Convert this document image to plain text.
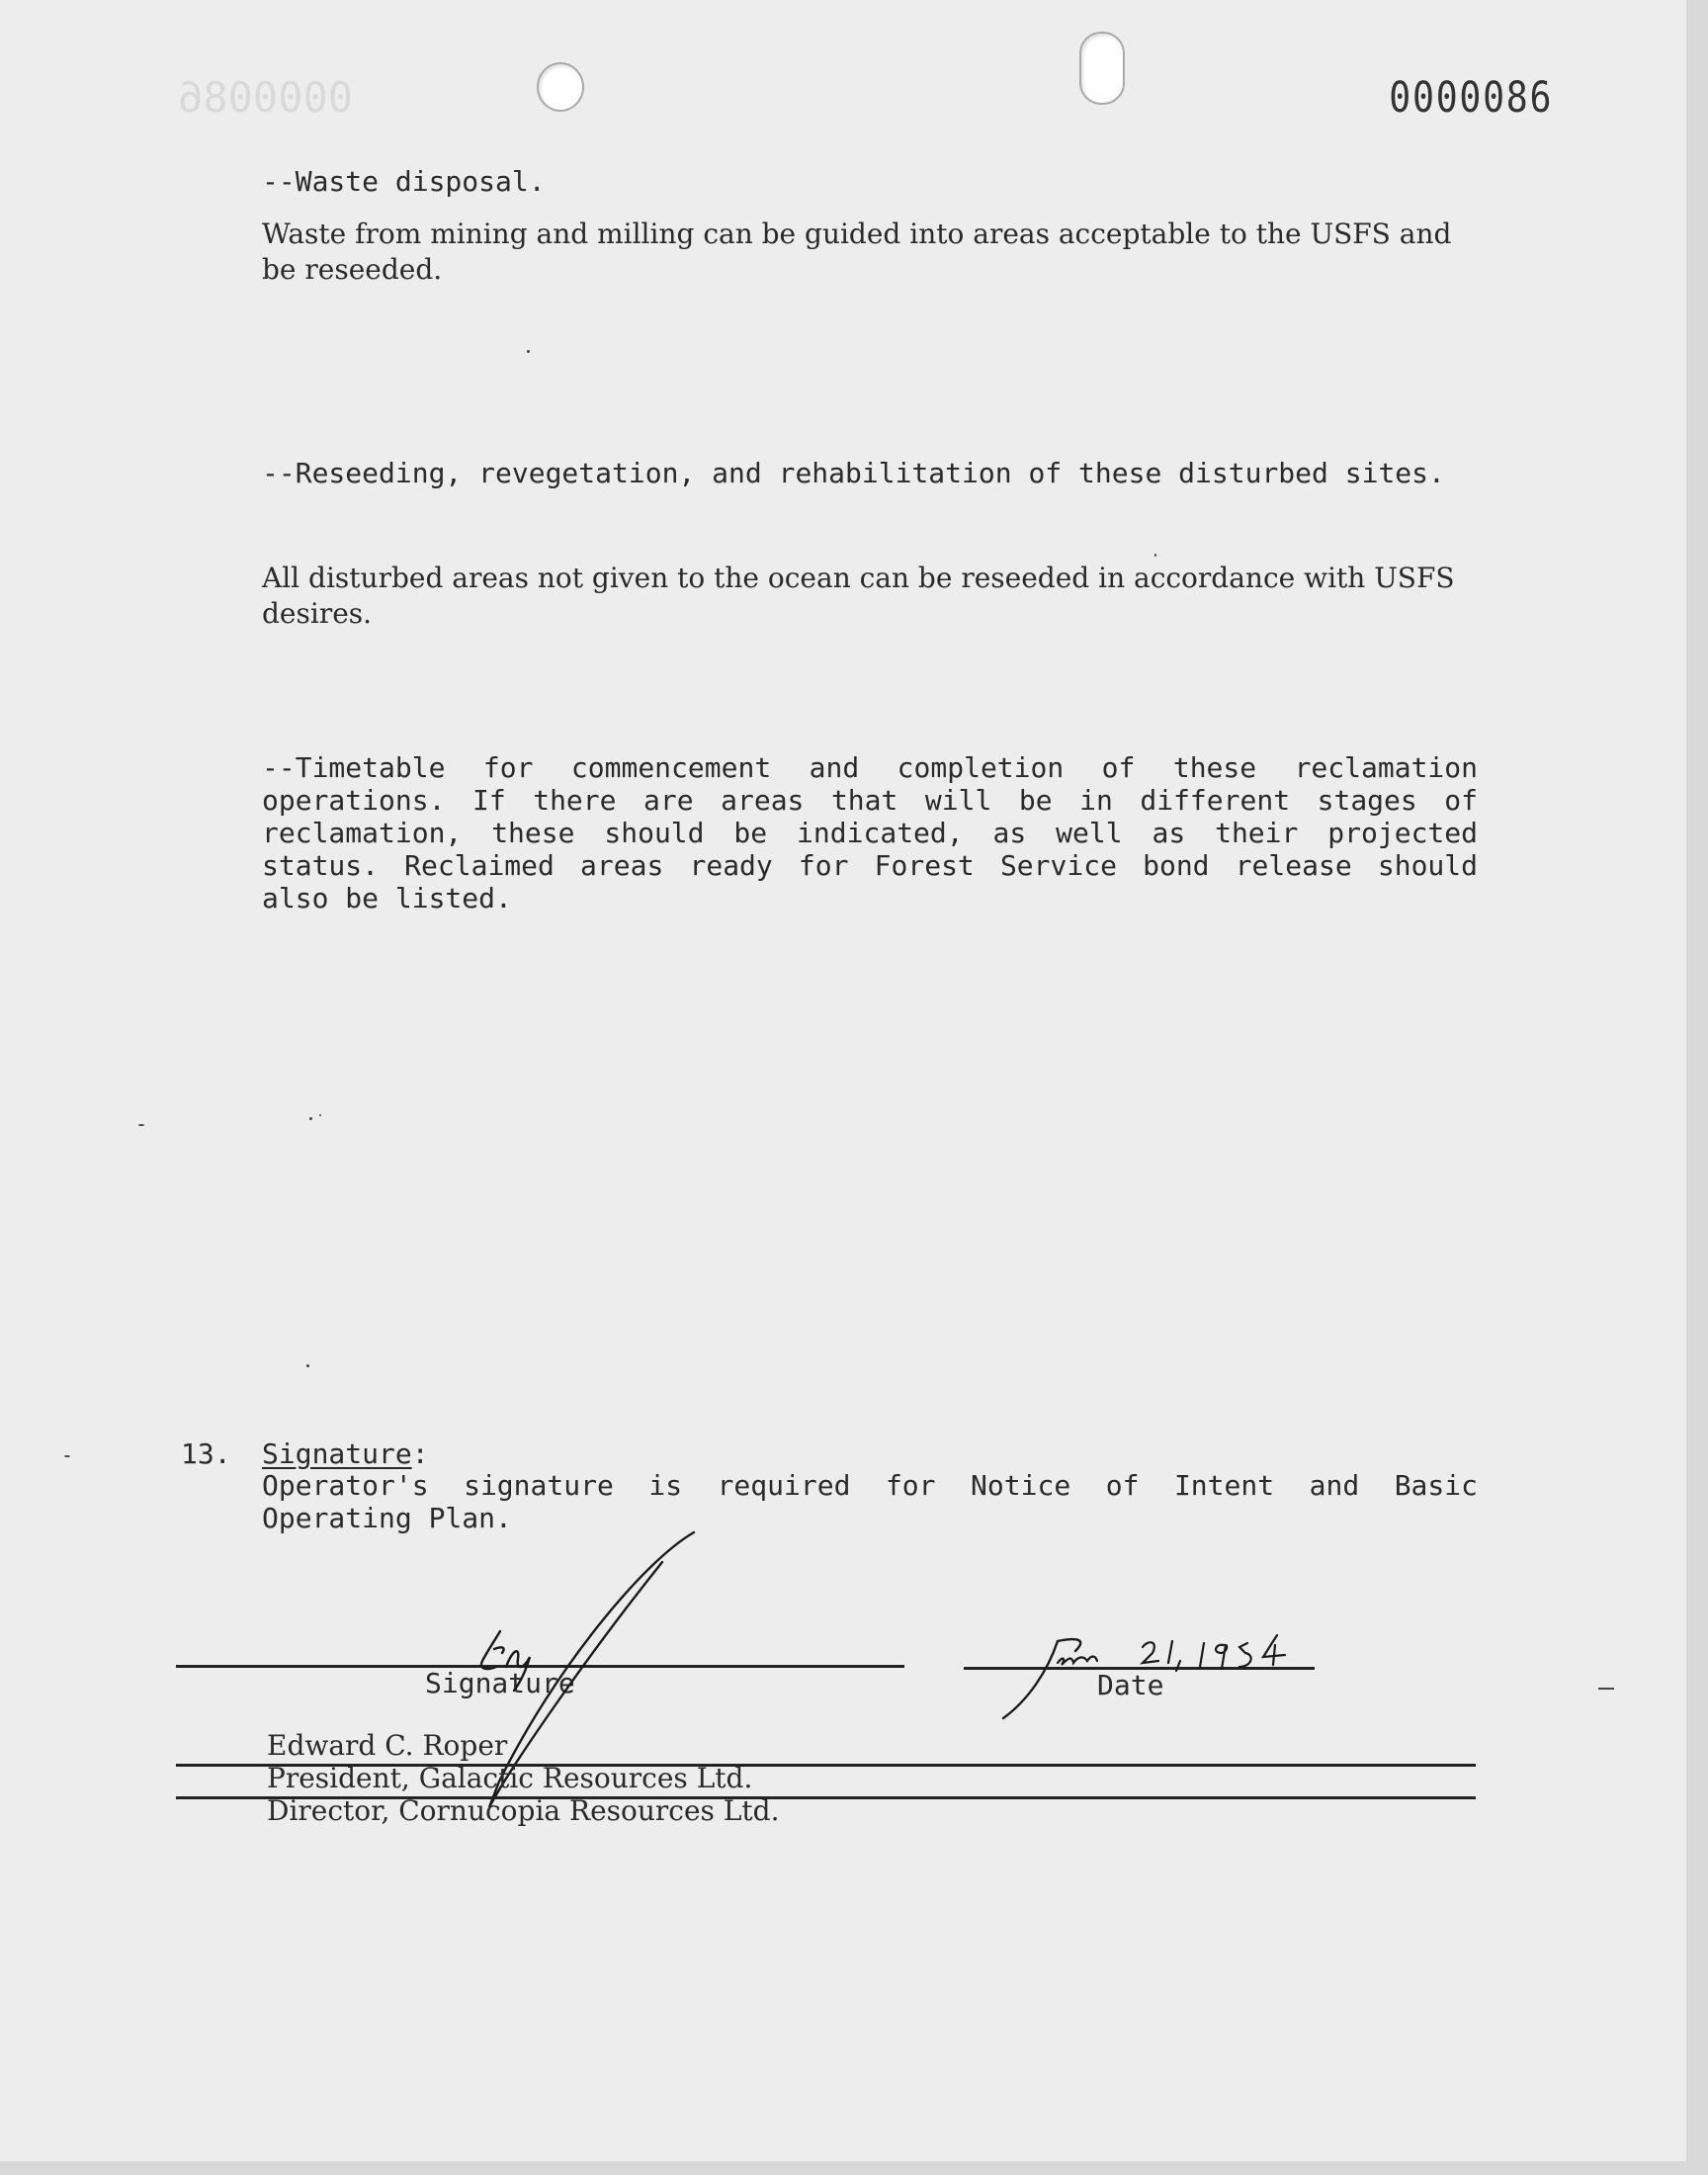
0000086	0000086

--Waste disposal.

Waste from mining and milling can be guided into areas acceptable to the USFS and be reseeded.

--Reseeding, revegetation, and rehabilitation of these disturbed sites.

All disturbed areas not given to the ocean can be reseeded in accordance with USFS desires.

--Timetable for commencement and completion of these reclamation operations. If there are areas that will be in different stages of reclamation, these should be indicated, as well as their projected status. Reclaimed areas ready for Forest Service bond release should also be listed.

13. Signature:

Operator's signature is required for Notice of Intent and Basic Operating Plan.

Signature	Date
Edward C. Roper
President, Galactic Resources Ltd.
Director, Cornucopia Resources Ltd.
